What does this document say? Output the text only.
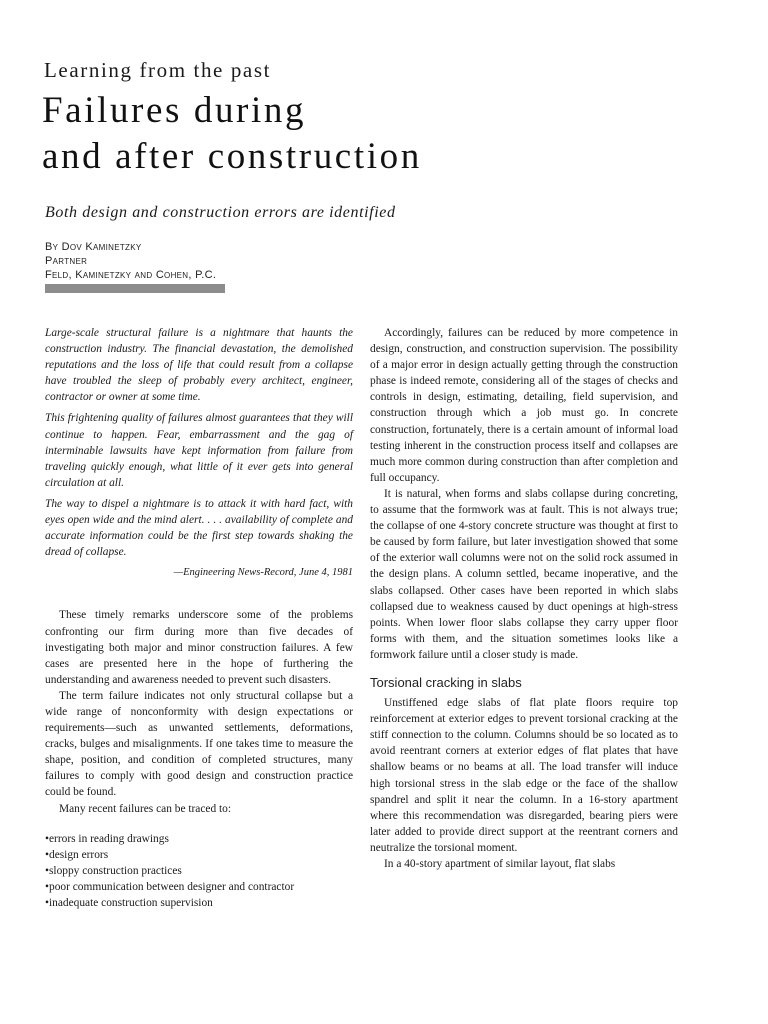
Learning from the past
Failures during
and after construction
Both design and construction errors are identified
By Dov Kaminetzky
Partner
Feld, Kaminetzky and Cohen, P.C.

Large-scale structural failure is a nightmare that haunts the construction industry. The financial devastation, the demolished reputations and the loss of life that could result from a collapse have troubled the sleep of probably every architect, engineer, contractor or owner at some time.

This frightening quality of failures almost guarantees that they will continue to happen. Fear, embarrassment and the gag of interminable lawsuits have kept information from failure from traveling quickly enough, what little of it ever gets into general circulation at all.

The way to dispel a nightmare is to attack it with hard fact, with eyes open wide and the mind alert. . . . availability of complete and accurate information could be the first step towards shaking the dread of collapse.

—Engineering News-Record, June 4, 1981

These timely remarks underscore some of the problems confronting our firm during more than five decades of investigating both major and minor construction failures. A few cases are presented here in the hope of furthering the understanding and awareness needed to prevent such disasters.

The term failure indicates not only structural collapse but a wide range of nonconformity with design expectations or requirements—such as unwanted settlements, deformations, cracks, bulges and misalignments. If one takes time to measure the shape, position, and condition of completed structures, many failures to comply with good design and construction practice could be found.

Many recent failures can be traced to:

• errors in reading drawings
• design errors
• sloppy construction practices
• poor communication between designer and contractor
• inadequate construction supervision

Accordingly, failures can be reduced by more competence in design, construction, and construction supervision. The possibility of a major error in design actually getting through the construction phase is indeed remote, considering all of the stages of checks and controls in design, estimating, detailing, field supervision, and construction through which a job must go. In concrete construction, fortunately, there is a certain amount of informal load testing inherent in the construction process itself and collapses are much more common during construction than after completion and full occupancy.

It is natural, when forms and slabs collapse during concreting, to assume that the formwork was at fault. This is not always true; the collapse of one 4-story concrete structure was thought at first to be caused by form failure, but later investigation showed that some of the exterior wall columns were not on the solid rock assumed in the design plans. A column settled, became inoperative, and the slabs collapsed. Other cases have been reported in which slabs collapsed due to weakness caused by duct openings at high-stress points. When lower floor slabs collapse they carry upper floor forms with them, and the situation sometimes looks like a formwork failure until a closer study is made.

Torsional cracking in slabs

Unstiffened edge slabs of flat plate floors require top reinforcement at exterior edges to prevent torsional cracking at the stiff connection to the column. Columns should be so located as to avoid reentrant corners at exterior edges of flat plates that have shallow beams or no beams at all. The load transfer will induce high torsional stress in the slab edge or the face of the shallow spandrel and split it near the column. In a 16-story apartment where this recommendation was disregarded, bearing piers were later added to provide direct support at the reentrant corners and neutralize the torsional moment.

In a 40-story apartment of similar layout, flat slabs
